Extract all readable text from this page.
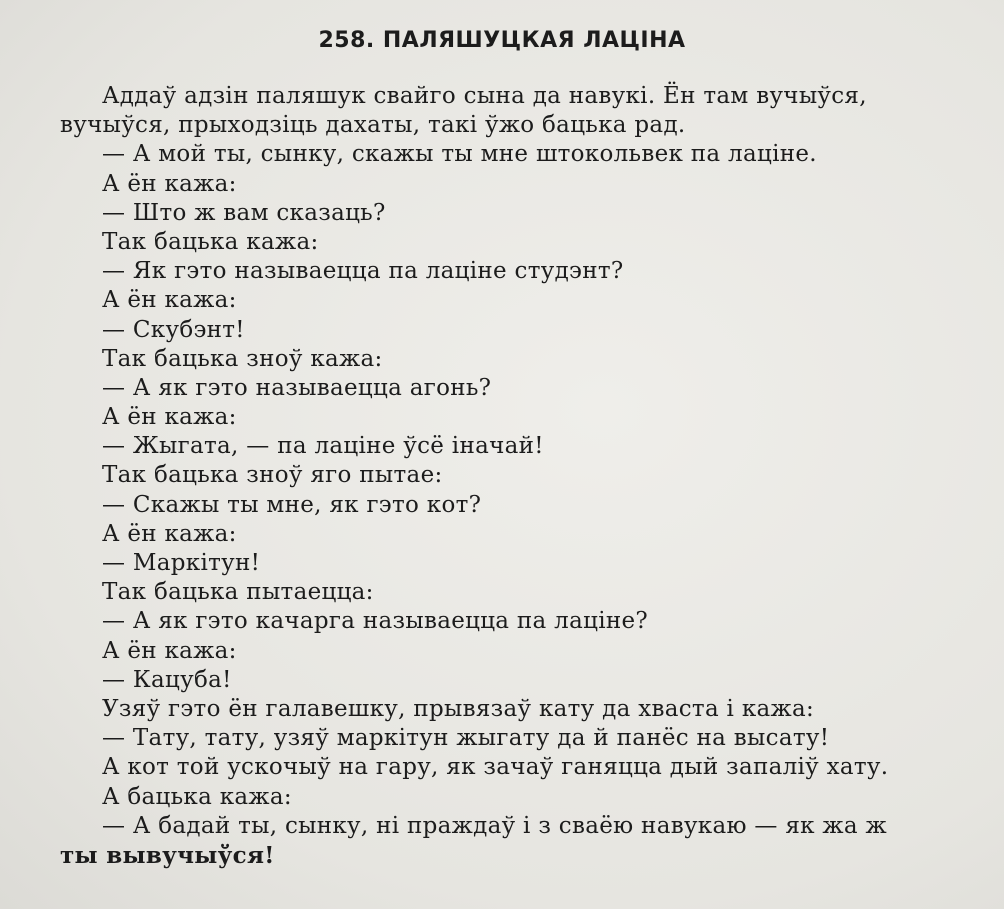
258. ПАЛЯШУЦКАЯ ЛАЦІНА
Аддаў адзін паляшук свайго сына да навукі. Ён там вучыўся,
вучыўся, прыходзіць дахаты, такі ўжо бацька рад.
— А мой ты, сынку, скажы ты мне штокольвек па лаціне.
А ён кажа:
— Што ж вам сказаць?
Так бацька кажа:
— Як гэто называецца па лаціне студэнт?
А ён кажа:
— Скубэнт!
Так бацька зноў кажа:
— А як гэто называецца агонь?
А ён кажа:
— Жыгата, — па лаціне ўсё іначай!
Так бацька зноў яго пытае:
— Скажы ты мне, як гэто кот?
А ён кажа:
— Маркітун!
Так бацька пытаецца:
— А як гэто качарга называецца па лаціне?
А ён кажа:
— Кацуба!
Узяў гэто ён галавешку, прывязаў кату да хваста і кажа:
— Тату, тату, узяў маркітун жыгату да й панёс на высату!
А кот той ускочыў на гару, як зачаў ганяцца дый запаліў хату.
А бацька кажа:
— А бадай ты, сынку, ні праждаў і з сваёю навукаю — як жа ж
ты вывучыўся!
